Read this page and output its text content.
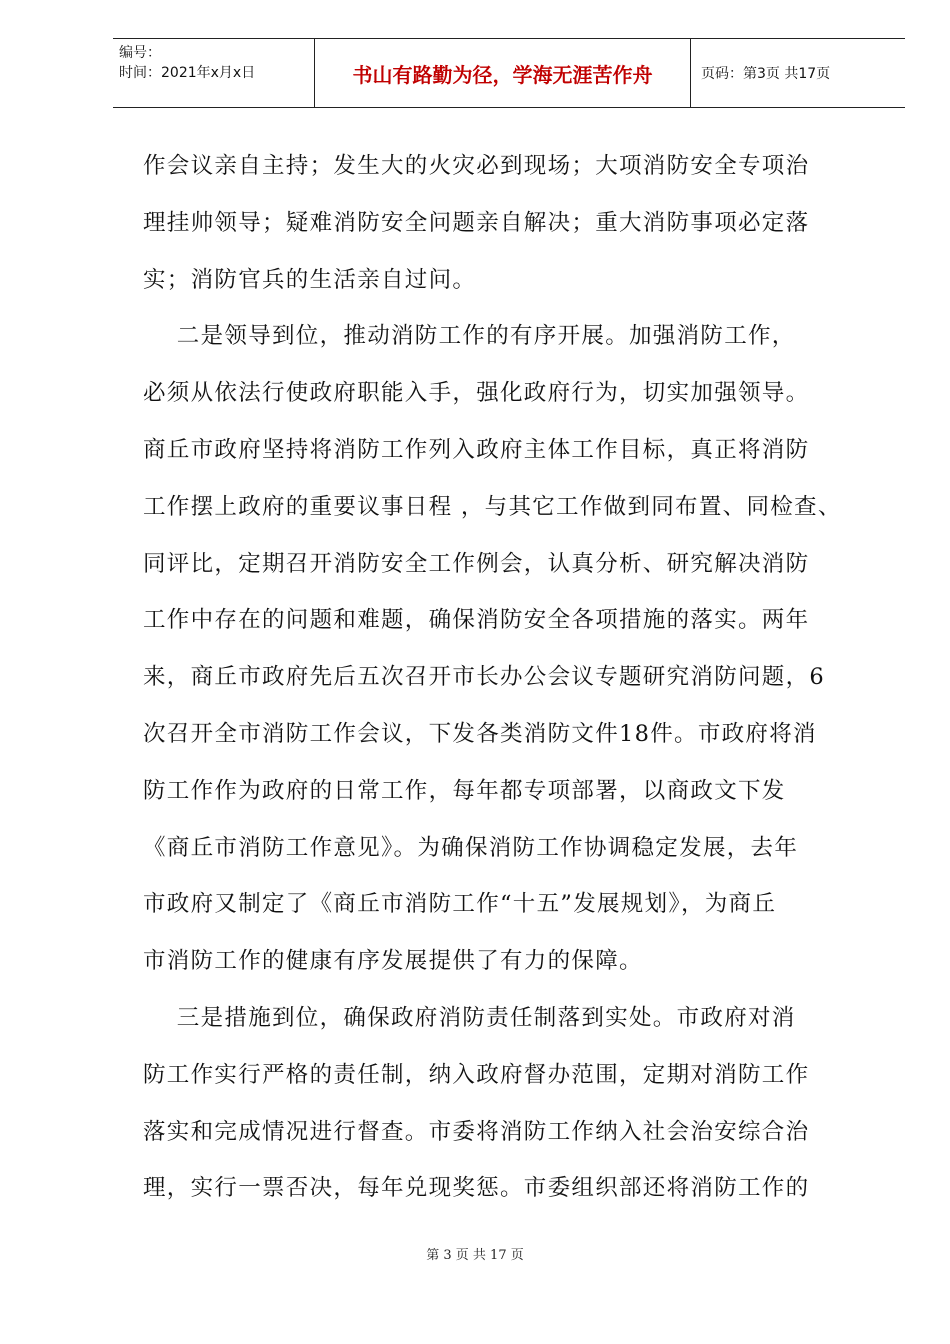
编号：
时间：2021年x月x日	书山有路勤为径，学海无涯苦作舟	页码：第3页 共17页
作会议亲自主持；发生大的火灾必到现场；大项消防安全专项治
理挂帅领导；疑难消防安全问题亲自解决；重大消防事项必定落
实；消防官兵的生活亲自过问。
二是领导到位，推动消防工作的有序开展。加强消防工作，
必须从依法行使政府职能入手，强化政府行为，切实加强领导。
商丘市政府坚持将消防工作列入政府主体工作目标，真正将消防
工作摆上政府的重要议事日程 ，与其它工作做到同布置、同检查、
同评比，定期召开消防安全工作例会，认真分析、研究解决消防
工作中存在的问题和难题，确保消防安全各项措施的落实。两年
来，商丘市政府先后五次召开市长办公会议专题研究消防问题，6
次召开全市消防工作会议，下发各类消防文件18件。市政府将消
防工作作为政府的日常工作，每年都专项部署，以商政文下发
《商丘市消防工作意见》。为确保消防工作协调稳定发展，去年
市政府又制定了《商丘市消防工作“十五”发展规划》，为商丘
市消防工作的健康有序发展提供了有力的保障。
三是措施到位，确保政府消防责任制落到实处。市政府对消
防工作实行严格的责任制，纳入政府督办范围，定期对消防工作
落实和完成情况进行督查。市委将消防工作纳入社会治安综合治
理，实行一票否决，每年兑现奖惩。市委组织部还将消防工作的
第 3 页 共 17 页
